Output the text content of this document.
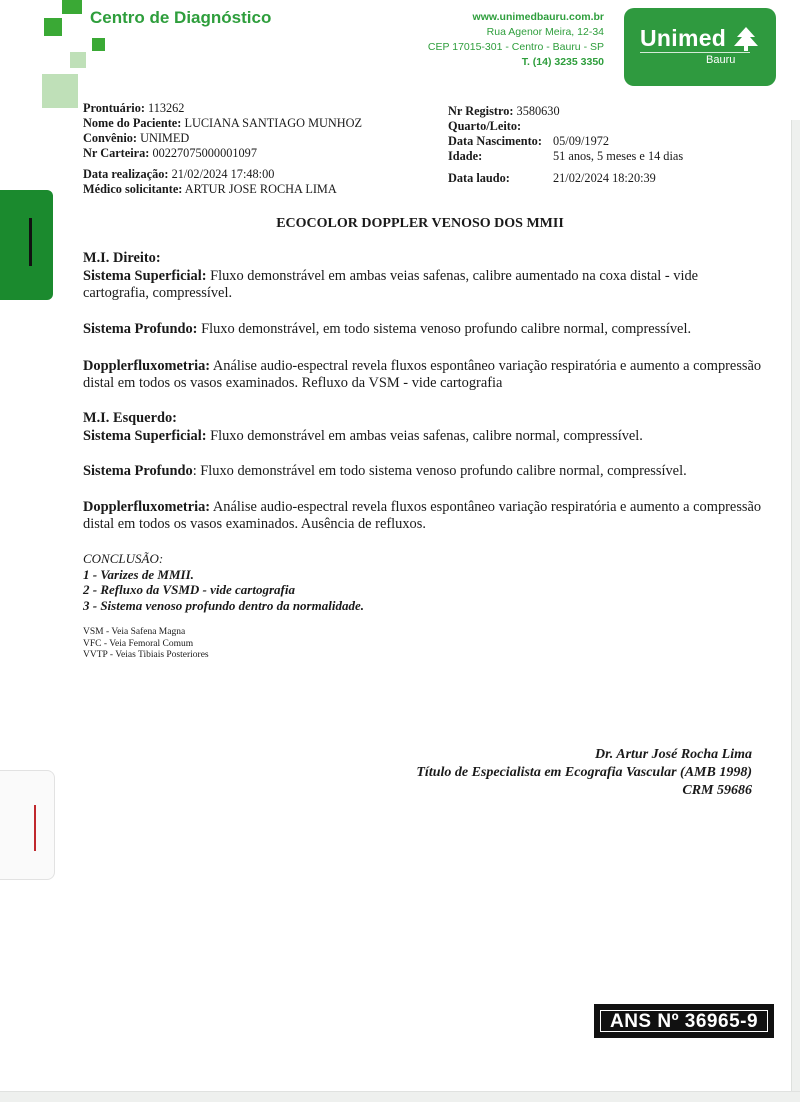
Centro de Diagnóstico	www.unimedbauru.com.br
Rua Agenor Meira, 12-34
CEP 17015-301 - Centro - Bauru - SP
T. (14) 3235 3350
Unimed
Bauru
Prontuário: 113262
Nome do Paciente: LUCIANA SANTIAGO MUNHOZ
Convênio: UNIMED
Nr Carteira: 00227075000001097
Data realização: 21/02/2024 17:48:00
Médico solicitante: ARTUR JOSE ROCHA LIMA
Nr Registro: 3580630
Quarto/Leito:
Data Nascimento: 05/09/1972
Idade:	51 anos, 5 meses e 14 dias
Data laudo:	21/02/2024 18:20:39
ECOCOLOR DOPPLER VENOSO DOS MMII
M.I. Direito:
Sistema Superficial: Fluxo demonstrável em ambas veias safenas, calibre aumentado na coxa distal - vide cartografia, compressível.
Sistema Profundo: Fluxo demonstrável, em todo sistema venoso profundo calibre normal, compressível.
Dopplerfluxometria: Análise audio-espectral revela fluxos espontâneo variação respiratória e aumento a compressão distal em todos os vasos examinados. Refluxo da VSM - vide cartografia
M.I. Esquerdo:
Sistema Superficial: Fluxo demonstrável em ambas veias safenas, calibre normal, compressível.
Sistema Profundo: Fluxo demonstrável em todo sistema venoso profundo calibre normal, compressível.
Dopplerfluxometria: Análise audio-espectral revela fluxos espontâneo variação respiratória e aumento a compressão distal em todos os vasos examinados. Ausência de refluxos.
CONCLUSÃO:
1 - Varizes de MMII.
2 - Refluxo da VSMD - vide cartografia
3 - Sistema venoso profundo dentro da normalidade.
VSM - Veia Safena Magna
VFC - Veia Femoral Comum
VVTP - Veias Tibiais Posteriores
Dr. Artur José Rocha Lima
Título de Especialista em Ecografia Vascular (AMB 1998)
CRM 59686
ANS Nº 36965-9
